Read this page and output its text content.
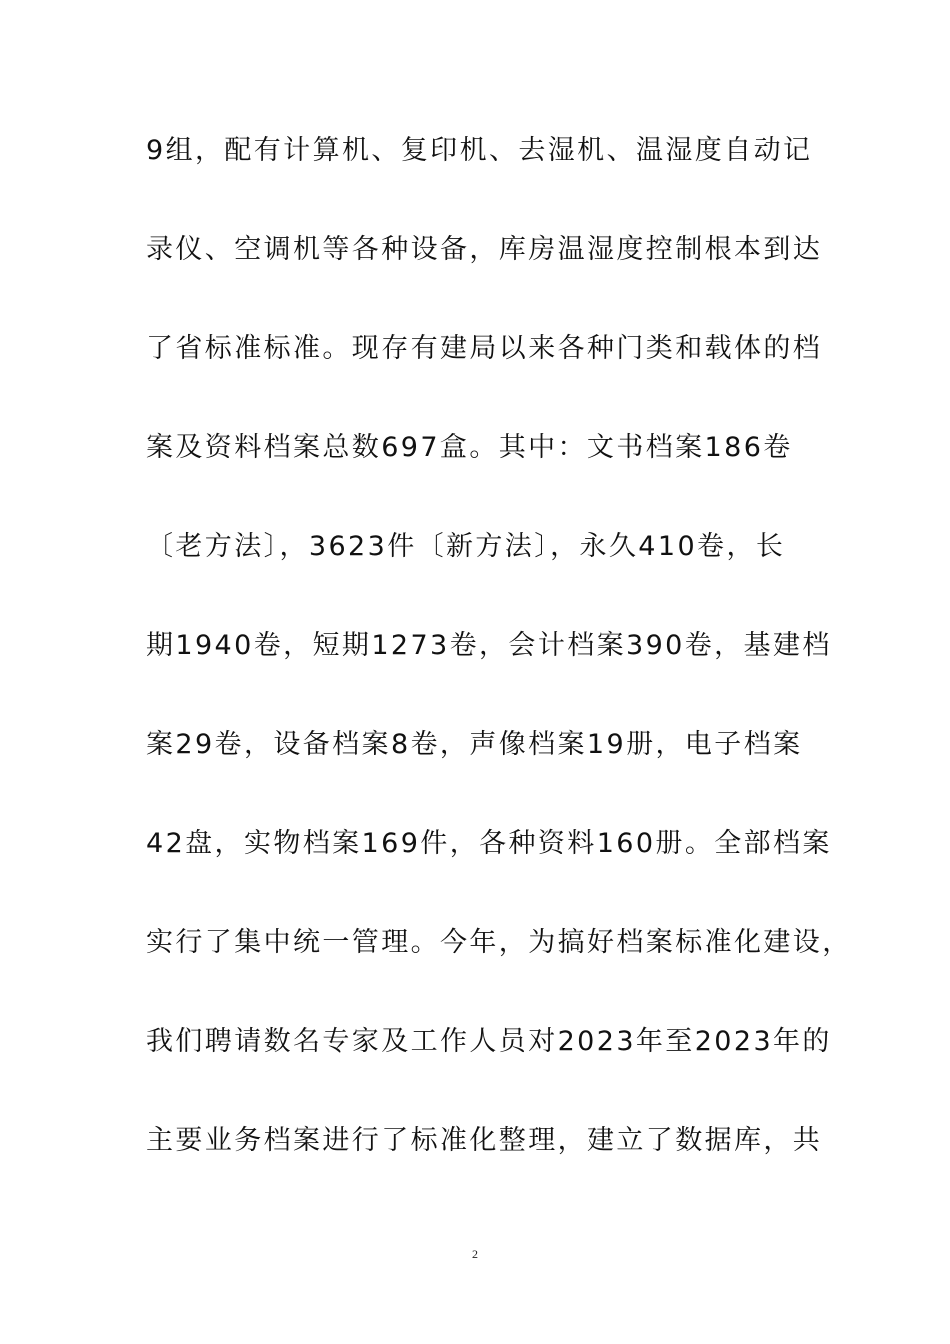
9组，配有计算机、复印机、去湿机、温湿度自动记
录仪、空调机等各种设备，库房温湿度控制根本到达
了省标准标准。现存有建局以来各种门类和载体的档
案及资料档案总数697盒。其中：文书档案186卷
〔老方法〕，3623件〔新方法〕，永久410卷，长
期1940卷，短期1273卷，会计档案390卷，基建档
案29卷，设备档案8卷，声像档案19册，电子档案
42盘，实物档案169件，各种资料160册。全部档案
实行了集中统一管理。今年，为搞好档案标准化建设，
我们聘请数名专家及工作人员对2023年至2023年的
主要业务档案进行了标准化整理，建立了数据库，共
2
